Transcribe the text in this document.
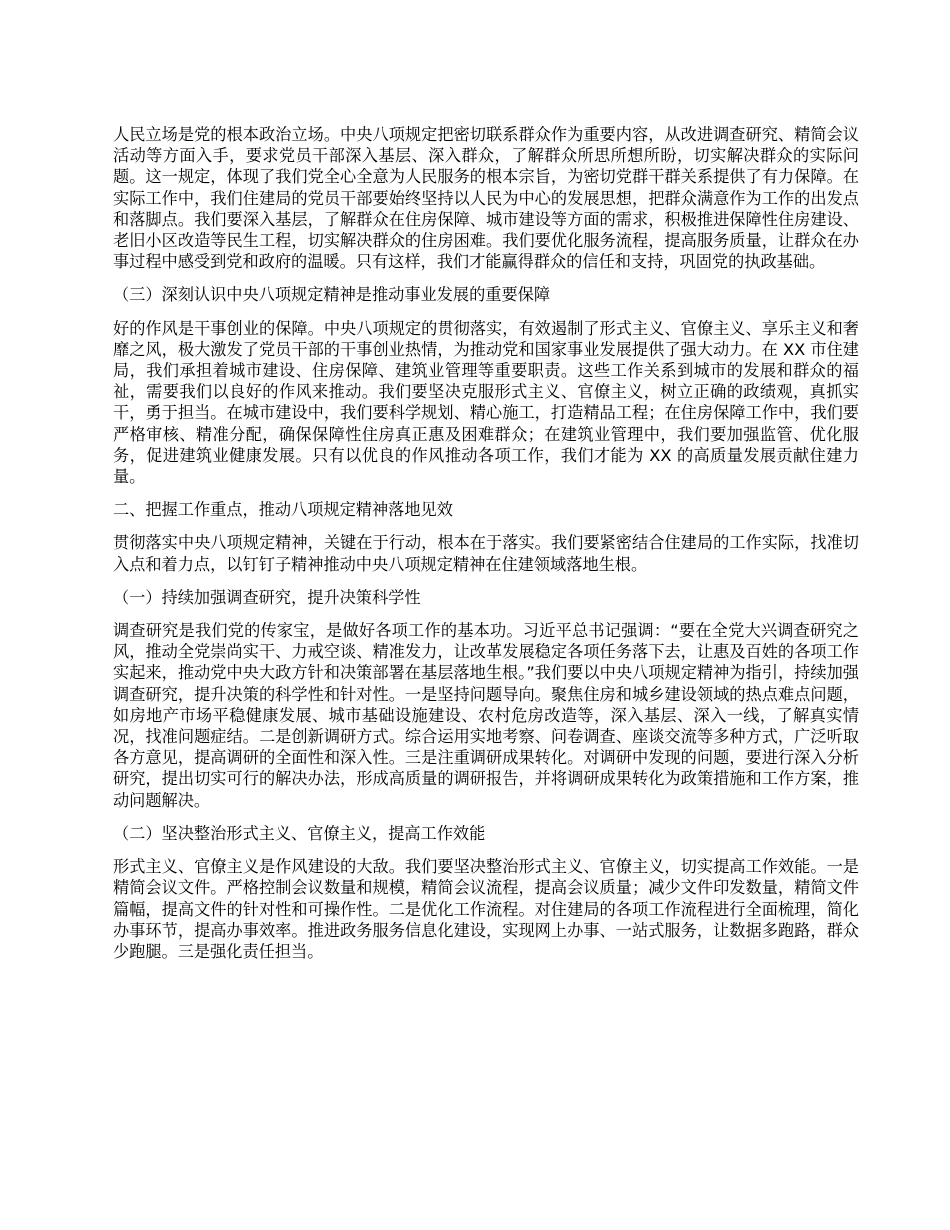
人民立场是党的根本政治立场。中央八项规定把密切联系群众作为重要内容，从改进调查研究、精简会议活动等方面入手，要求党员干部深入基层、深入群众，了解群众所思所想所盼，切实解决群众的实际问题。这一规定，体现了我们党全心全意为人民服务的根本宗旨，为密切党群干群关系提供了有力保障。在实际工作中，我们住建局的党员干部要始终坚持以人民为中心的发展思想，把群众满意作为工作的出发点和落脚点。我们要深入基层，了解群众在住房保障、城市建设等方面的需求，积极推进保障性住房建设、老旧小区改造等民生工程，切实解决群众的住房困难。我们要优化服务流程，提高服务质量，让群众在办事过程中感受到党和政府的温暖。只有这样，我们才能赢得群众的信任和支持，巩固党的执政基础。

（三）深刻认识中央八项规定精神是推动事业发展的重要保障

好的作风是干事创业的保障。中央八项规定的贯彻落实，有效遏制了形式主义、官僚主义、享乐主义和奢靡之风，极大激发了党员干部的干事创业热情，为推动党和国家事业发展提供了强大动力。在 XX 市住建局，我们承担着城市建设、住房保障、建筑业管理等重要职责。这些工作关系到城市的发展和群众的福祉，需要我们以良好的作风来推动。我们要坚决克服形式主义、官僚主义，树立正确的政绩观，真抓实干，勇于担当。在城市建设中，我们要科学规划、精心施工，打造精品工程；在住房保障工作中，我们要严格审核、精准分配，确保保障性住房真正惠及困难群众；在建筑业管理中，我们要加强监管、优化服务，促进建筑业健康发展。只有以优良的作风推动各项工作，我们才能为 XX 的高质量发展贡献住建力量。

二、把握工作重点，推动八项规定精神落地见效

贯彻落实中央八项规定精神，关键在于行动，根本在于落实。我们要紧密结合住建局的工作实际，找准切入点和着力点，以钉钉子精神推动中央八项规定精神在住建领域落地生根。

（一）持续加强调查研究，提升决策科学性

调查研究是我们党的传家宝，是做好各项工作的基本功。习近平总书记强调：“要在全党大兴调查研究之风，推动全党崇尚实干、力戒空谈、精准发力，让改革发展稳定各项任务落下去，让惠及百姓的各项工作实起来，推动党中央大政方针和决策部署在基层落地生根。”我们要以中央八项规定精神为指引，持续加强调查研究，提升决策的科学性和针对性。一是坚持问题导向。聚焦住房和城乡建设领域的热点难点问题，如房地产市场平稳健康发展、城市基础设施建设、农村危房改造等，深入基层、深入一线，了解真实情况，找准问题症结。二是创新调研方式。综合运用实地考察、问卷调查、座谈交流等多种方式，广泛听取各方意见，提高调研的全面性和深入性。三是注重调研成果转化。对调研中发现的问题，要进行深入分析研究，提出切实可行的解决办法，形成高质量的调研报告，并将调研成果转化为政策措施和工作方案，推动问题解决。

（二）坚决整治形式主义、官僚主义，提高工作效能

形式主义、官僚主义是作风建设的大敌。我们要坚决整治形式主义、官僚主义，切实提高工作效能。一是精简会议文件。严格控制会议数量和规模，精简会议流程，提高会议质量；减少文件印发数量，精简文件篇幅，提高文件的针对性和可操作性。二是优化工作流程。对住建局的各项工作流程进行全面梳理，简化办事环节，提高办事效率。推进政务服务信息化建设，实现网上办事、一站式服务，让数据多跑路，群众少跑腿。三是强化责任担当。
